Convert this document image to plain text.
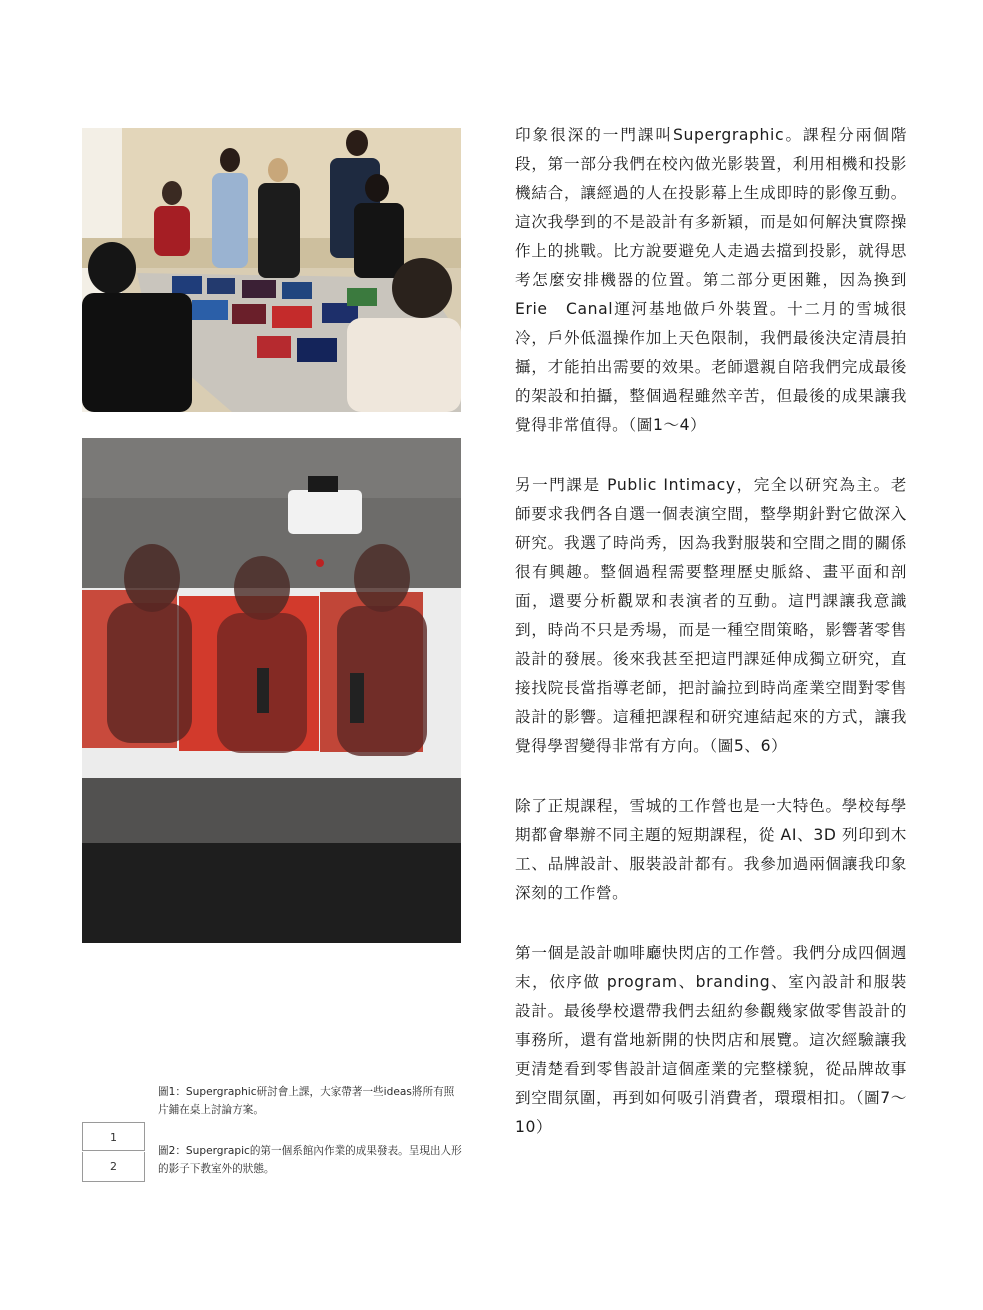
印象很深的一門課叫Supergraphic。課程分兩個階段，第一部分我們在校內做光影裝置，利用相機和投影機結合，讓經過的人在投影幕上生成即時的影像互動。這次我學到的不是設計有多新穎，而是如何解決實際操作上的挑戰。比方說要避免人走過去擋到投影，就得思考怎麼安排機器的位置。第二部分更困難，因為換到Erie　Canal運河基地做戶外裝置。十二月的雪城很冷，戶外低溫操作加上天色限制，我們最後決定清晨拍攝，才能拍出需要的效果。老師還親自陪我們完成最後的架設和拍攝，整個過程雖然辛苦，但最後的成果讓我覺得非常值得。（圖1～4）

另一門課是 Public Intimacy，完全以研究為主。老師要求我們各自選一個表演空間，整學期針對它做深入研究。我選了時尚秀，因為我對服裝和空間之間的關係很有興趣。整個過程需要整理歷史脈絡、畫平面和剖面，還要分析觀眾和表演者的互動。這門課讓我意識到，時尚不只是秀場，而是一種空間策略，影響著零售設計的發展。後來我甚至把這門課延伸成獨立研究，直接找院長當指導老師，把討論拉到時尚產業空間對零售設計的影響。這種把課程和研究連結起來的方式，讓我覺得學習變得非常有方向。（圖5、6）

除了正規課程，雪城的工作營也是一大特色。學校每學期都會舉辦不同主題的短期課程，從 AI、3D 列印到木工、品牌設計、服裝設計都有。我參加過兩個讓我印象深刻的工作營。

第一個是設計咖啡廳快閃店的工作營。我們分成四個週末，依序做 program、branding、室內設計和服裝設計。最後學校還帶我們去紐約參觀幾家做零售設計的事務所，還有當地新開的快閃店和展覽。這次經驗讓我更清楚看到零售設計這個產業的完整樣貌，從品牌故事到空間氛圍，再到如何吸引消費者，環環相扣。（圖7～10）

1
2

圖1：Supergraphic研討會上課，大家帶著一些ideas將所有照片鋪在桌上討論方案。

圖2：Supergrapic的第一個系館內作業的成果發表。呈現出人形的影子下教室外的狀態。
